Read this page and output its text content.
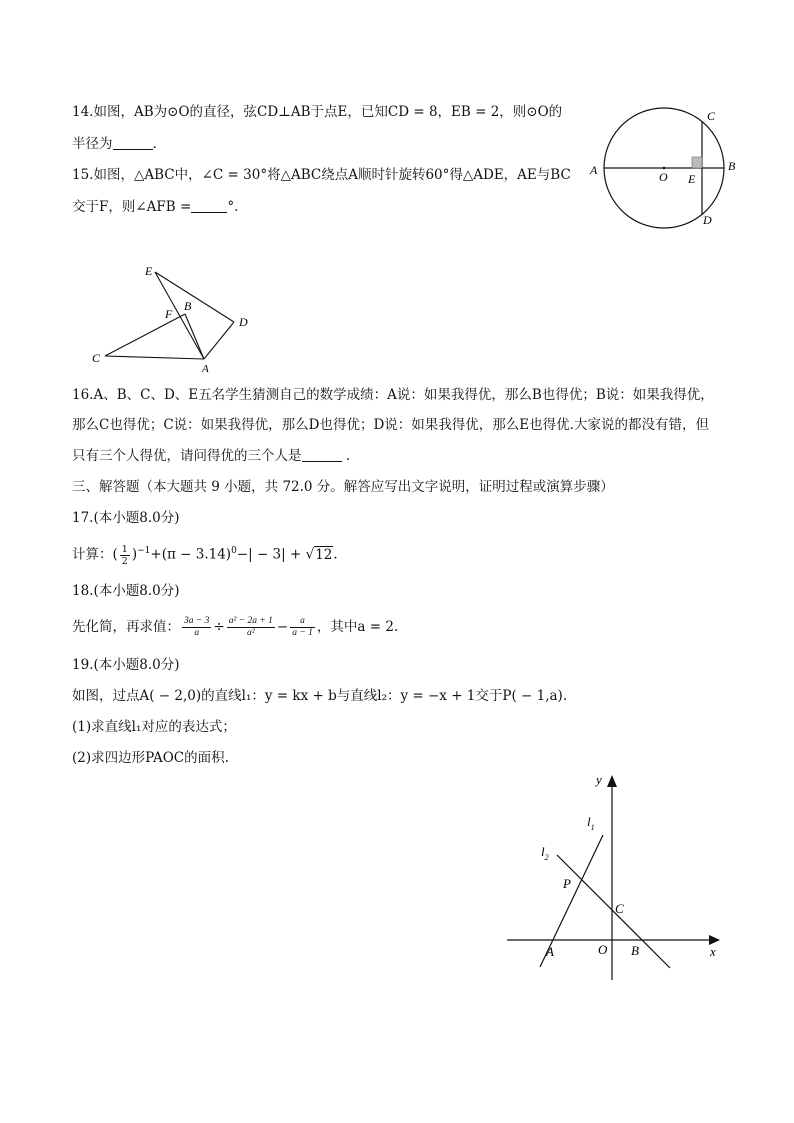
14.如图，AB为⊙O的直径，弦CD⊥AB于点E，已知CD = 8，EB = 2，则⊙O的
半径为	.
15.如图，△ABC中，∠C = 30°将△ABC绕点A顺时针旋转60°得△ADE，AE与BC
交于F，则∠AFB =	°.
A	B
C
D
E
O
E
B
F
D
C
A
16.A、B、C、D、E五名学生猜测自己的数学成绩：A说：如果我得优，那么B也得优；B说：如果我得优，
那么C也得优；C说：如果我得优，那么D也得优；D说：如果我得优，那么E也得优.大家说的都没有错，但
只有三个人得优，请问得优的三个人是	.
三、解答题（本大题共 9 小题，共 72.0 分。解答应写出文字说明，证明过程或演算步骤）
17.(本小题8.0分)
计算：( $\frac{1}{2} )^{-1}+(\pi - 3.14)^0-| - 3| + √12$.
18.(本小题8.0分)
先化简，再求值： $\frac{3a - 3}{a} \div \frac{\text{a² − 2a + 1}}{\text{a²}} - \frac{a}{a - 1}$ ，其中a = 2.
19.(本小题8.0分)
如图，过点A( − 2,0)的直线l₁：y = kx + b与直线l₂：y = −x + 1交于P( − 1,a).
(1)求直线l₁对应的表达式；
(2)求四边形PAOC的面积.
y
x
$l_1$
$l_2$
P
C
A	O B
